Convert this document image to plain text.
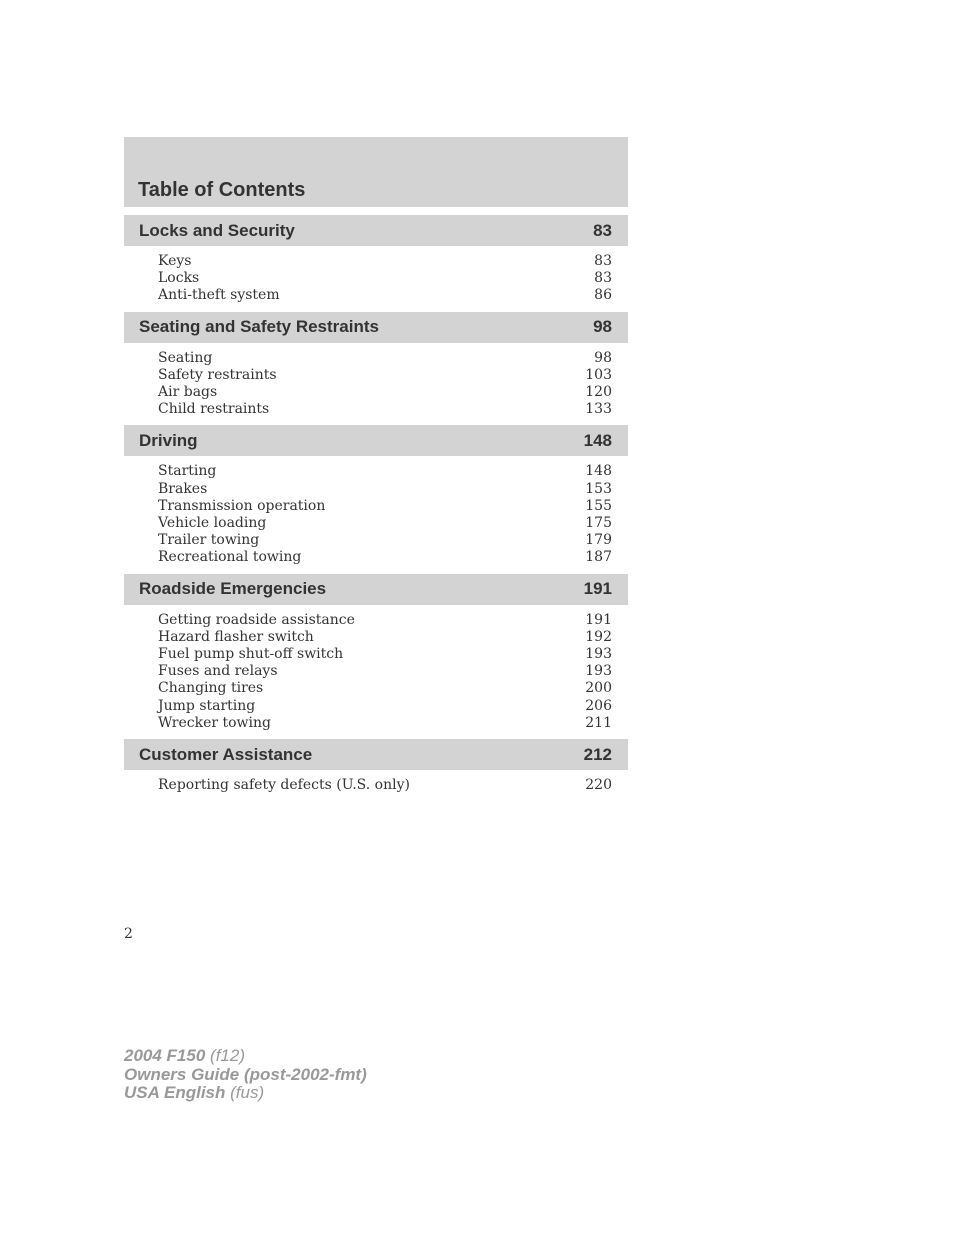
Table of Contents
Locks and Security	83
Keys	83
Locks	83
Anti-theft system	86
Seating and Safety Restraints	98
Seating	98
Safety restraints	103
Air bags	120
Child restraints	133
Driving	148
Starting	148
Brakes	153
Transmission operation	155
Vehicle loading	175
Trailer towing	179
Recreational towing	187
Roadside Emergencies	191
Getting roadside assistance	191
Hazard flasher switch	192
Fuel pump shut-off switch	193
Fuses and relays	193
Changing tires	200
Jump starting	206
Wrecker towing	211
Customer Assistance	212
Reporting safety defects (U.S. only)	220
2
2004 F150 (f12)
Owners Guide (post-2002-fmt)
USA English (fus)
